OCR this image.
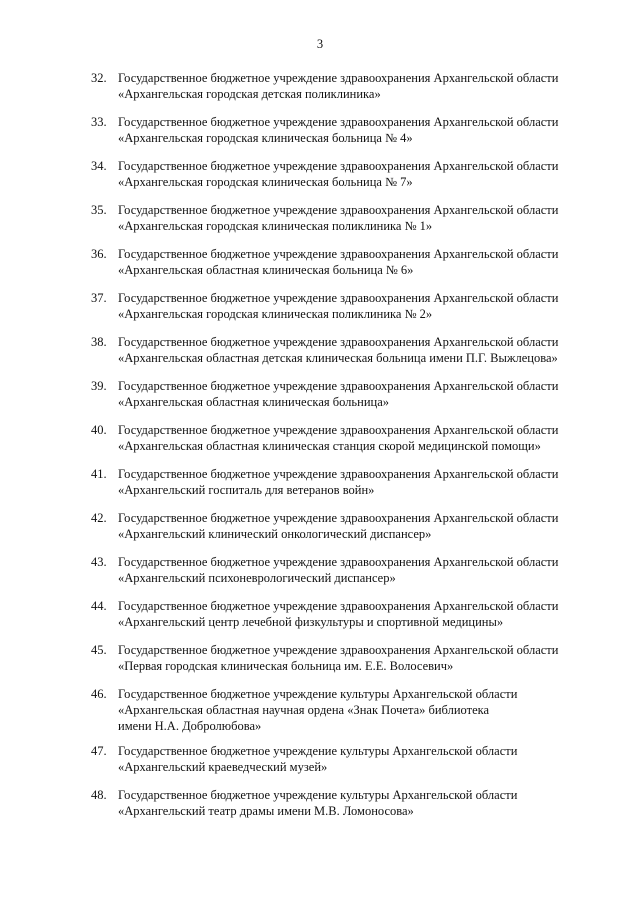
3
32. Государственное бюджетное учреждение здравоохранения Архангельской области
«Архангельская городская детская поликлиника»
33. Государственное бюджетное учреждение здравоохранения Архангельской области
«Архангельская городская клиническая больница № 4»
34. Государственное бюджетное учреждение здравоохранения Архангельской области
«Архангельская городская клиническая больница № 7»
35. Государственное бюджетное учреждение здравоохранения Архангельской области
«Архангельская городская клиническая поликлиника № 1»
36. Государственное бюджетное учреждение здравоохранения Архангельской области
«Архангельская областная клиническая больница № 6»
37. Государственное бюджетное учреждение здравоохранения Архангельской области
«Архангельская городская клиническая поликлиника № 2»
38. Государственное бюджетное учреждение здравоохранения Архангельской области
«Архангельская областная детская клиническая больница имени П.Г. Выжлецова»
39. Государственное бюджетное учреждение здравоохранения Архангельской области
«Архангельская областная клиническая больница»
40. Государственное бюджетное учреждение здравоохранения Архангельской области
«Архангельская областная клиническая станция скорой медицинской помощи»
41. Государственное бюджетное учреждение здравоохранения Архангельской области
«Архангельский госпиталь для ветеранов войн»
42. Государственное бюджетное учреждение здравоохранения Архангельской области
«Архангельский клинический онкологический диспансер»
43. Государственное бюджетное учреждение здравоохранения Архангельской области
«Архангельский психоневрологический диспансер»
44. Государственное бюджетное учреждение здравоохранения Архангельской области
«Архангельский центр лечебной физкультуры и спортивной медицины»
45. Государственное бюджетное учреждение здравоохранения Архангельской области
«Первая городская клиническая больница им. Е.Е. Волосевич»
46. Государственное бюджетное учреждение культуры Архангельской области
«Архангельская областная научная ордена «Знак Почета» библиотека
имени Н.А. Добролюбова»
47. Государственное бюджетное учреждение культуры Архангельской области
«Архангельский краеведческий музей»
48. Государственное бюджетное учреждение культуры Архангельской области
«Архангельский театр драмы имени М.В. Ломоносова»
